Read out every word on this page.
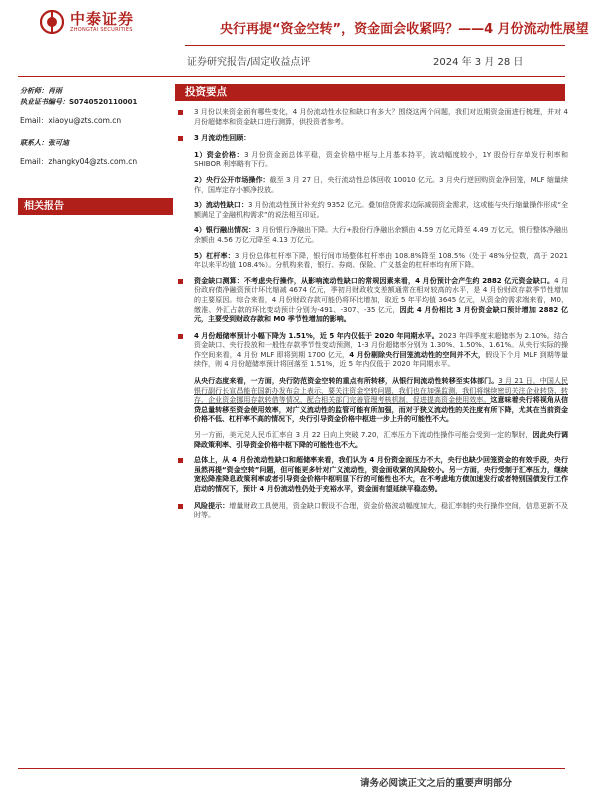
中泰证券
ZHONGTAI SECURITIES	央行再提“资金空转”，资金面会收紧吗？——4 月份流动性展望
证券研究报告/固定收益点评	2024 年 3 月 28 日
分析师：肖雨
执业证书编号：S0740520110001
Email：xiaoyu@zts.com.cn
联系人：张可迪
Email：zhangky04@zts.com.cn
相关报告
投资要点
3 月份以来资金面有哪些变化，4 月份流动性水位和缺口有多大？围绕这两个问题，我们对近期资金面进行梳理，并对 4 月份超储率和资金缺口进行测算，供投资者参考。
3 月流动性回顾：
1）资金价格：3 月份资金面总体平稳，资金价格中枢与上月基本持平，波动幅度较小，1Y 股份行存单发行利率和 SHIBOR 利率略有下行。
2）央行公开市场操作：截至 3 月 27 日，央行流动性总体回收 10010 亿元。3 月央行逆回购资金净回笼，MLF 缩量续作，国库定存小额净投放。
3）流动性缺口：3 月份流动性预计补充约 9352 亿元。叠加信贷需求边际减弱资金需求，这或能与央行缩量操作形成“全额满足了金融机构需求”的说法相互印证。
4）银行融出情况：3 月份银行净融出下降。大行+股份行净融出余额由 4.59 万亿元降至 4.49 万亿元，银行整体净融出余额由 4.56 万亿元降至 4.13 万亿元。
5）杠杆率：3 月份总体杠杆率下降，银行间市场整体杠杆率由 108.8%降至 108.5%（处于 48%分位数，高于 2021 年以来平均值 108.4%）。分机构来看，银行、券商、保险、广义基金的杠杆率均有所下降。
资金缺口测算：不考虑央行操作，从影响流动性缺口的常规因素来看，4 月份预计会产生约 2882 亿元资金缺口。4 月份政府债净融资预计环比缩减 4674 亿元，季初月财政收支差额通常在相对较高的水平，是 4 月份财政存款季节性增加的主要原因。综合来看，4 月份财政存款可能仍将环比增加，取近 5 年平均值 3645 亿元，从资金的需求端来看，M0、缴准、外汇占款的环比变动预计分别为-491、-307、-35 亿元，因此 4 月份相比 3 月份资金缺口预计增加 2882 亿元，主要受到财政存款和 M0 季节性增加的影响。
4 月份超储率预计小幅下降为 1.51%，近 5 年内仅低于 2020 年同期水平。2023 年四季度末超储率为 2.10%。结合资金缺口、央行投放和一般性存款季节性变动预测，1-3 月份超储率分别为 1.30%、1.50%、1.61%。从央行实际的操作空间来看，4 月份 MLF 即将到期 1700 亿元，4 月份剔除央行回笼流动性的空间并不大，假设下个月 MLF 到期等量续作，则 4 月份超储率预计将回落至 1.51%，近 5 年内仅低于 2020 年同期水平。
从央行态度来看，一方面，央行防范资金空转的重点有所转移，从银行间流动性转移至实体部门。3 月 21 日，中国人民银行副行长宣昌能在国新办发布会上表示，要关注资金空转问题，我们也在加强监测，我们将继续密切关注企业转贷、转存，企业资金挪用存款转借等情况，配合相关部门完善管理考核机制，促进提高资金使用效率。这意味着央行将视角从信贷总量转移至资金使用效率，对广义流动性的监管可能有所加强，而对于狭义流动性的关注度有所下降，尤其在当前资金价格不低、杠杆率不高的情况下，央行引导资金价格中枢进一步上升的可能性不大。
另一方面，美元兑人民币汇率自 3 月 22 日向上突破 7.20，汇率压力下流动性操作可能会受到一定的掣肘，因此央行调降政策利率、引导资金价格中枢下降的可能性也不大。
总体上，从 4 月份流动性缺口和超储率来看，我们认为 4 月份资金面压力不大，央行也缺少回笼资金的有效手段，央行虽然再提“资金空转”问题，但可能更多针对广义流动性，资金面收紧的风险较小。另一方面，央行受制于汇率压力，继续宽松降准降息政策利率或者引导资金价格中枢明显下行的可能性也不大，在不考虑地方债加速发行或者特别国债发行工作启动的情况下，预计 4 月份流动性仍处于充裕水平，资金面有望延续平稳态势。
风险提示：增量财政工具使用，资金缺口假设不合理，资金价格波动幅度加大，稳汇率制约央行操作空间，信息更新不及时等。
请务必阅读正文之后的重要声明部分
